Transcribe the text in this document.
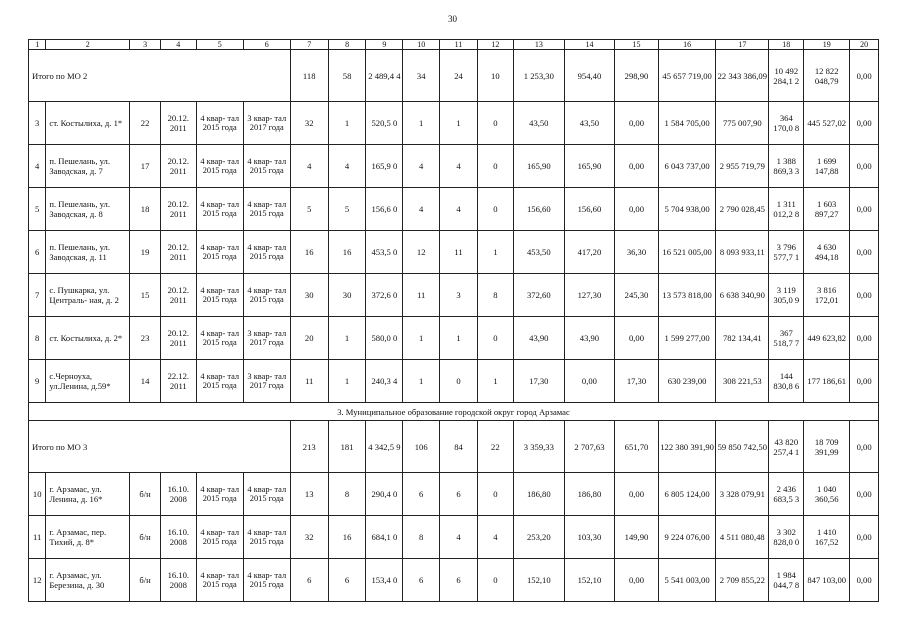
30
1	2	3	4	5	6	7	8	9	10	11	12	13	14	15	16	17	18	19	20
Итого по МО 2						118	58	2 489,4 4	34	24	10	1 253,30	954,40	298,90	45 657 719,00	22 343 386,09	10 492 284,1 2	12 822 048,79	0,00
3	ст. Костылиха, д. 1*	22	20.12. 2011	4 квар- тал 2015 года	3 квар- тал 2017 года	32	1	520,5 0	1	1	0	43,50	43,50	0,00	1 584 705,00	775 007,90	364 170,0 8	445 527,02	0,00
4	п. Пешелань, ул. Заводская, д. 7	17	20.12. 2011	4 квар- тал 2015 года	4 квар- тал 2015 года	4	4	165,9 0	4	4	0	165,90	165,90	0,00	6 043 737,00	2 955 719,79	1 388 869,3 3	1 699 147,88	0,00
5	п. Пешелань, ул. Заводская, д. 8	18	20.12. 2011	4 квар- тал 2015 года	4 квар- тал 2015 года	5	5	156,6 0	4	4	0	156,60	156,60	0,00	5 704 938,00	2 790 028,45	1 311 012,2 8	1 603 897,27	0,00
6	п. Пешелань, ул. Заводская, д. 11	19	20.12. 2011	4 квар- тал 2015 года	4 квар- тал 2015 года	16	16	453,5 0	12	11	1	453,50	417,20	36,30	16 521 005,00	8 093 933,11	3 796 577,7 1	4 630 494,18	0,00
7	с. Пушкарка, ул. Централь- ная, д. 2	15	20.12. 2011	4 квар- тал 2015 года	4 квар- тал 2015 года	30	30	372,6 0	11	3	8	372,60	127,30	245,30	13 573 818,00	6 638 340,90	3 119 305,0 9	3 816 172,01	0,00
8	ст. Костылиха, д. 2*	23	20.12. 2011	4 квар- тал 2015 года	3 квар- тал 2017 года	20	1	580,0 0	1	1	0	43,90	43,90	0,00	1 599 277,00	782 134,41	367 518,7 7	449 623,82	0,00
9	с.Черноуха, ул.Ленина, д.59*	14	22.12. 2011	4 квар- тал 2015 года	3 квар- тал 2017 года	11	1	240,3 4	1	0	1	17,30	0,00	17,30	630 239,00	308 221,53	144 830,8 6	177 186,61	0,00
3. Муниципальное образование городской округ город Арзамас																			
Итого по МО 3						213	181	4 342,5 9	106	84	22	3 359,33	2 707,63	651,70	122 380 391,90	59 850 742,50	43 820 257,4 1	18 709 391,99	0,00
10	г. Арзамас, ул. Ленина, д. 16*	б/н	16.10. 2008	4 квар- тал 2015 года	4 квар- тал 2015 года	13	8	290,4 0	6	6	0	186,80	186,80	0,00	6 805 124,00	3 328 079,91	2 436 683,5 3	1 040 360,56	0,00
11	г. Арзамас, пер. Тихий, д. 8*	б/н	16.10. 2008	4 квар- тал 2015 года	4 квар- тал 2015 года	32	16	684,1 0	8	4	4	253,20	103,30	149,90	9 224 076,00	4 511 080,48	3 302 828,0 0	1 410 167,52	0,00
12	г. Арзамас, ул. Березина, д. 30	б/н	16.10. 2008	4 квар- тал 2015 года	4 квар- тал 2015 года	6	6	153,4 0	6	6	0	152,10	152,10	0,00	5 541 003,00	2 709 855,22	1 984 044,7 8	847 103,00	0,00
